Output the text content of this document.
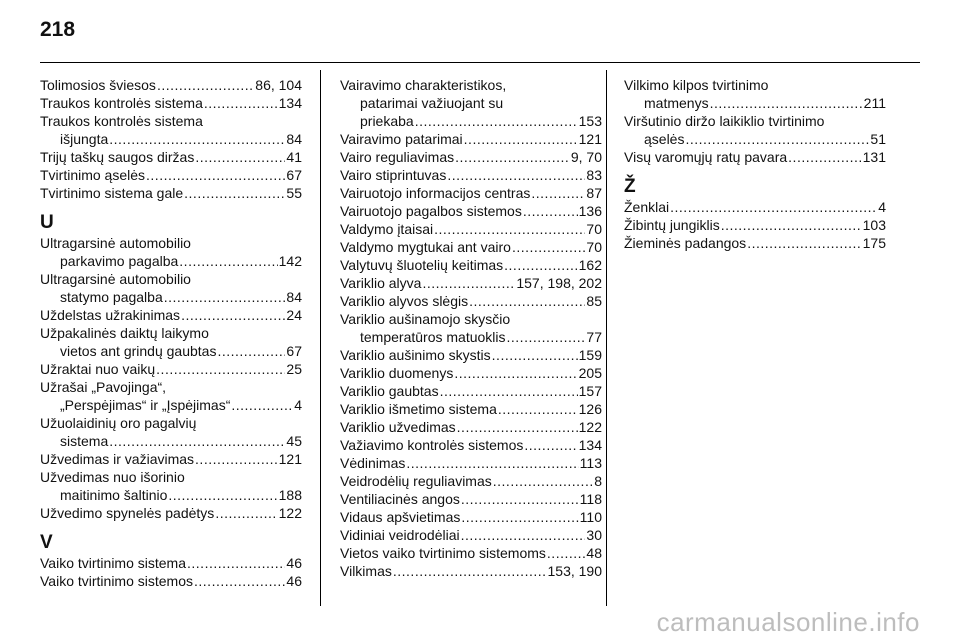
218
Tolimosios šviesos .....	86, 104
Traukos kontrolės sistema .....	134
Traukos kontrolės sistema
išjungta .....	84
Trijų taškų saugos diržas .....	41
Tvirtinimo ąselės .....	67
Tvirtinimo sistema gale .....	55
U
Ultragarsinė automobilio
parkavimo pagalba .....	142
Ultragarsinė automobilio
statymo pagalba .....	84
Uždelstas užrakinimas .....	24
Užpakalinės daiktų laikymo
vietos ant grindų gaubtas .....	67
Užraktai nuo vaikų .....	25
Užrašai „Pavojinga“,
„Perspėjimas“ ir „Įspėjimas“ .....	4
Užuolaidinių oro pagalvių
sistema .....	45
Užvedimas ir važiavimas .....	121
Užvedimas nuo išorinio
maitinimo šaltinio .....	188
Užvedimo spynelės padėtys .....	122
V
Vaiko tvirtinimo sistema .....	46
Vaiko tvirtinimo sistemos .....	46
Vairavimo charakteristikos,
patarimai važiuojant su
priekaba .....	153
Vairavimo patarimai .....	121
Vairo reguliavimas .....	9, 70
Vairo stiprintuvas .....	83
Vairuotojo informacijos centras .....	87
Vairuotojo pagalbos sistemos .....	136
Valdymo įtaisai .....	70
Valdymo mygtukai ant vairo .....	70
Valytuvų šluotelių keitimas .....	162
Variklio alyva .....	157, 198, 202
Variklio alyvos slėgis .....	85
Variklio aušinamojo skysčio
temperatūros matuoklis .....	77
Variklio aušinimo skystis .....	159
Variklio duomenys .....	205
Variklio gaubtas .....	157
Variklio išmetimo sistema .....	126
Variklio užvedimas .....	122
Važiavimo kontrolės sistemos .....	134
Vėdinimas .....	113
Veidrodėlių reguliavimas .....	8
Ventiliacinės angos .....	118
Vidaus apšvietimas .....	110
Vidiniai veidrodėliai .....	30
Vietos vaiko tvirtinimo sistemoms .....	48
Vilkimas .....	153, 190
Vilkimo kilpos tvirtinimo
matmenys .....	211
Viršutinio diržo laikiklio tvirtinimo
ąselės .....	51
Visų varomųjų ratų pavara .....	131
Ž
Ženklai .....	4
Žibintų jungiklis .....	103
Žieminės padangos .....	175
carmanualsonline.info
